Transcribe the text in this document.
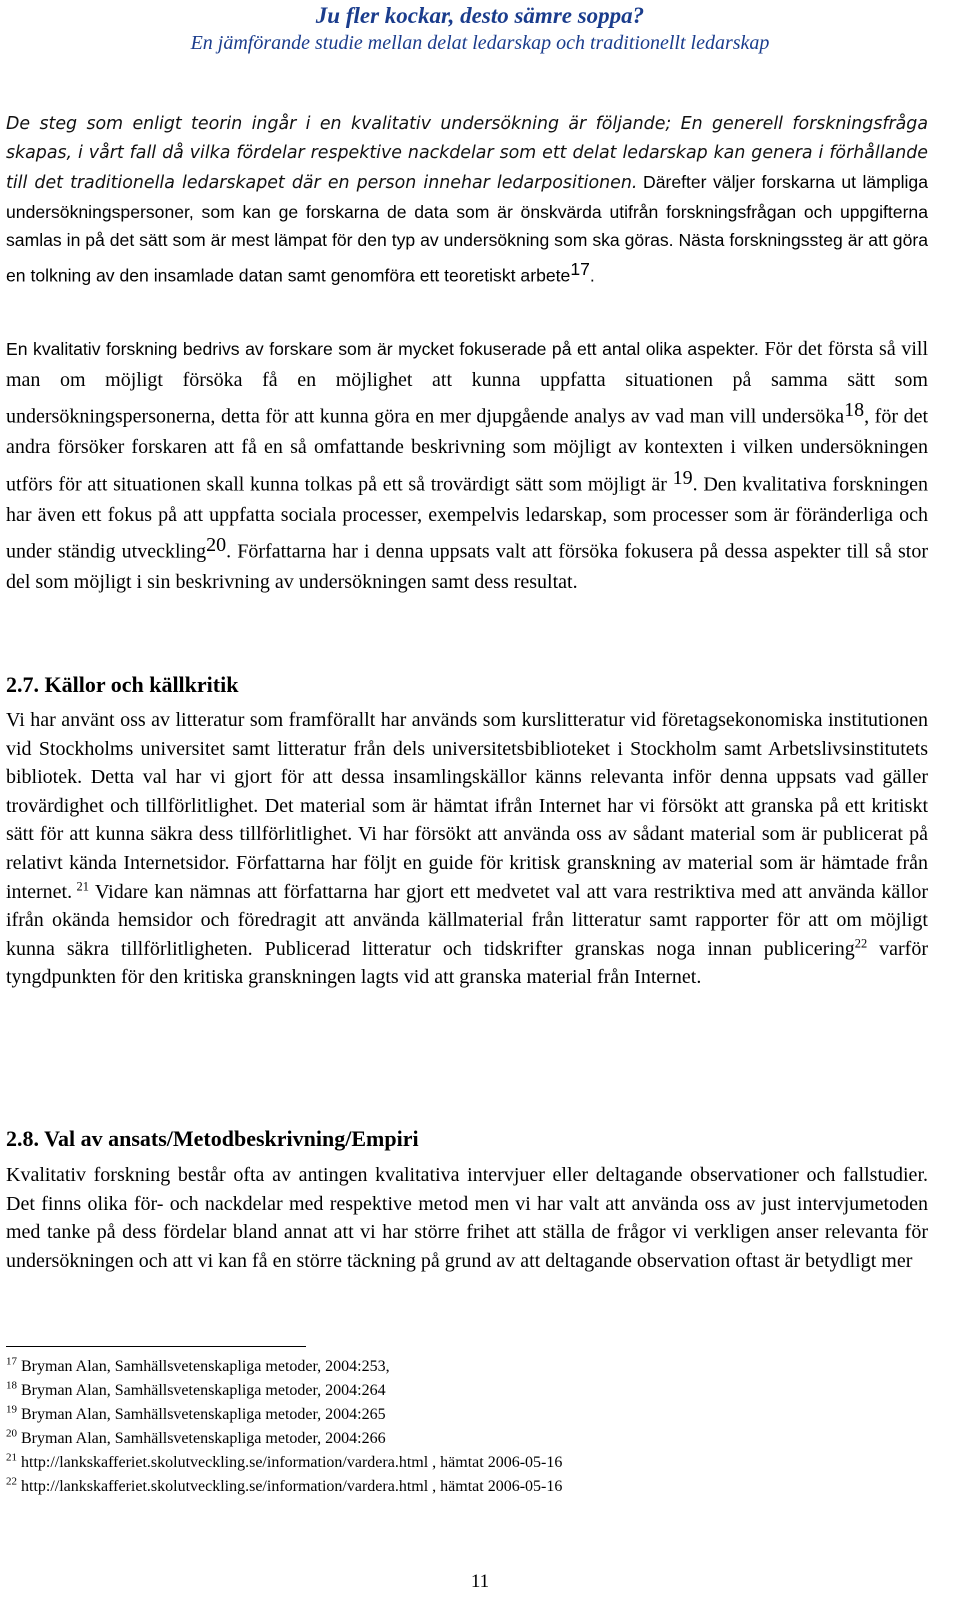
Ju fler kockar, desto sämre soppa?
En jämförande studie mellan delat ledarskap och traditionellt ledarskap

De steg som enligt teorin ingår i en kvalitativ undersökning är följande; En generell forskningsfråga skapas, i vårt fall då vilka fördelar respektive nackdelar som ett delat ledarskap kan genera i förhållande till det traditionella ledarskapet där en person innehar ledarpositionen. Därefter väljer forskarna ut lämpliga undersökningspersoner, som kan ge forskarna de data som är önskvärda utifrån forskningsfrågan och uppgifterna samlas in på det sätt som är mest lämpat för den typ av undersökning som ska göras. Nästa forskningssteg är att göra en tolkning av den insamlade datan samt genomföra ett teoretiskt arbete$^{17}$.

En kvalitativ forskning bedrivs av forskare som är mycket fokuserade på ett antal olika aspekter. För det första så vill man om möjligt försöka få en möjlighet att kunna uppfatta situationen på samma sätt som undersökningspersonerna, detta för att kunna göra en mer djupgående analys av vad man vill undersöka$^{18}$, för det andra försöker forskaren att få en så omfattande beskrivning som möjligt av kontexten i vilken undersökningen utförs för att situationen skall kunna tolkas på ett så trovärdigt sätt som möjligt är $^{19}$. Den kvalitativa forskningen har även ett fokus på att uppfatta sociala processer, exempelvis ledarskap, som processer som är föränderliga och under ständig utveckling$^{20}$. Författarna har i denna uppsats valt att försöka fokusera på dessa aspekter till så stor del som möjligt i sin beskrivning av undersökningen samt dess resultat.

2.7. Källor och källkritik
Vi har använt oss av litteratur som framförallt har används som kurslitteratur vid företagsekonomiska institutionen vid Stockholms universitet samt litteratur från dels universitetsbiblioteket i Stockholm samt Arbetslivsinstitutets bibliotek. Detta val har vi gjort för att dessa insamlingskällor känns relevanta inför denna uppsats vad gäller trovärdighet och tillförlitlighet. Det material som är hämtat ifrån Internet har vi försökt att granska på ett kritiskt sätt för att kunna säkra dess tillförlitlighet. Vi har försökt att använda oss av sådant material som är publicerat på relativt kända Internetsidor. Författarna har följt en guide för kritisk granskning av material som är hämtade från internet. $^{21}$ Vidare kan nämnas att författarna har gjort ett medvetet val att vara restriktiva med att använda källor ifrån okända hemsidor och föredragit att använda källmaterial från litteratur samt rapporter för att om möjligt kunna säkra tillförlitligheten. Publicerad litteratur och tidskrifter granskas noga innan publicering$^{22}$ varför tyngdpunkten för den kritiska granskningen lagts vid att granska material från Internet.
2.8. Val av ansats/Metodbeskrivning/Empiri
Kvalitativ forskning består ofta av antingen kvalitativa intervjuer eller deltagande observationer och fallstudier. Det finns olika för- och nackdelar med respektive metod men vi har valt att använda oss av just intervjumetoden med tanke på dess fördelar bland annat att vi har större frihet att ställa de frågor vi verkligen anser relevanta för undersökningen och att vi kan få en större täckning på grund av att deltagande observation oftast är betydligt mer
$^{17}$ Bryman Alan, Samhällsvetenskapliga metoder, 2004:253,
$^{18}$ Bryman Alan, Samhällsvetenskapliga metoder, 2004:264
$^{19}$ Bryman Alan, Samhällsvetenskapliga metoder, 2004:265
$^{20}$ Bryman Alan, Samhällsvetenskapliga metoder, 2004:266
$^{21}$ http://lankskafferiet.skolutveckling.se/information/vardera.html , hämtat 2006-05-16
$^{22}$ http://lankskafferiet.skolutveckling.se/information/vardera.html , hämtat 2006-05-16
11
